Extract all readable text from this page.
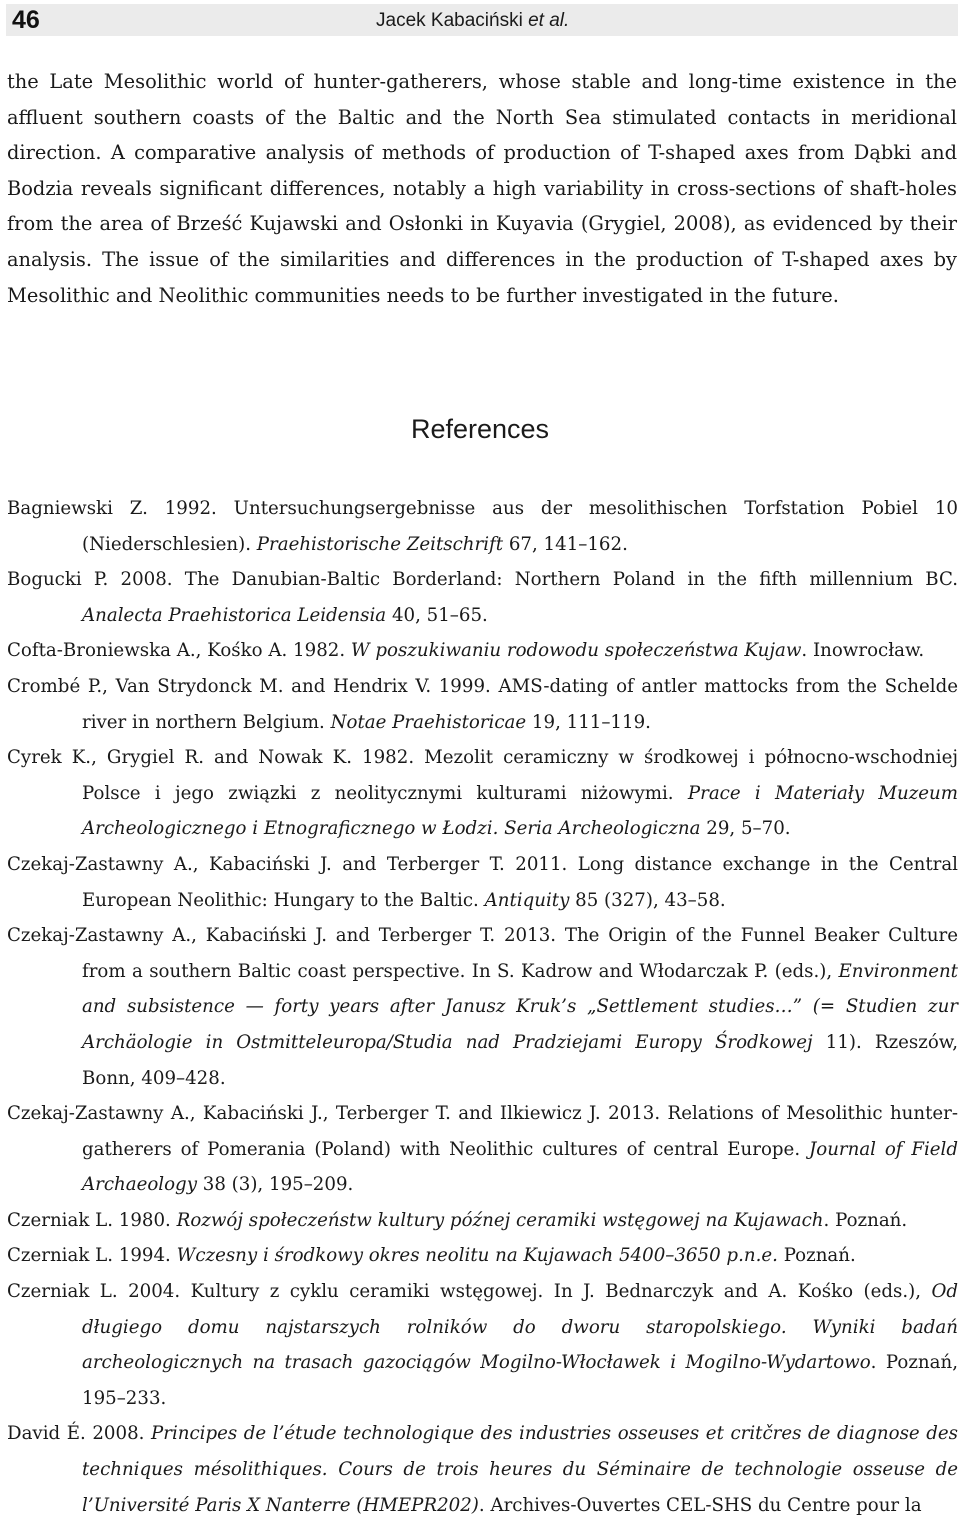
46	Jacek Kabaciński et al.

the Late Mesolithic world of hunter-gatherers, whose stable and long-time existence in the affluent southern coasts of the Baltic and the North Sea stimulated contacts in meridional direction. A comparative analysis of methods of production of T-shaped axes from Dąbki and Bodzia reveals significant differences, notably a high variability in cross-sections of shaft-holes from the area of Brześć Kujawski and Osłonki in Kuyavia (Grygiel, 2008), as evidenced by their analysis. The issue of the similarities and differences in the production of T-shaped axes by Mesolithic and Neolithic communities needs to be further investigated in the future.

References

Bagniewski Z. 1992. Untersuchungsergebnisse aus der mesolithischen Torfstation Pobiel 10 (Niederschlesien). Praehistorische Zeitschrift 67, 141–162.

Bogucki P. 2008. The Danubian-Baltic Borderland: Northern Poland in the fifth millennium BC. Analecta Praehistorica Leidensia 40, 51–65.

Cofta-Broniewska A., Kośko A. 1982. W poszukiwaniu rodowodu społeczeństwa Kujaw. Inowrocław.

Crombé P., Van Strydonck M. and Hendrix V. 1999. AMS-dating of antler mattocks from the Schelde river in northern Belgium. Notae Praehistoricae 19, 111–119.

Cyrek K., Grygiel R. and Nowak K. 1982. Mezolit ceramiczny w środkowej i północno-wschodniej Polsce i jego związki z neolitycznymi kulturami niżowymi. Prace i Materiały Muzeum Archeologicznego i Etnograficznego w Łodzi. Seria Archeologiczna 29, 5–70.

Czekaj-Zastawny A., Kabaciński J. and Terberger T. 2011. Long distance exchange in the Central European Neolithic: Hungary to the Baltic. Antiquity 85 (327), 43–58.

Czekaj-Zastawny A., Kabaciński J. and Terberger T. 2013. The Origin of the Funnel Beaker Culture from a southern Baltic coast perspective. In S. Kadrow and Włodarczak P. (eds.), Environment and subsistence — forty years after Janusz Kruk’s „Settlement studies…” (= Studien zur Archäologie in Ostmitteleuropa/Studia nad Pradziejami Europy Środkowej 11). Rzeszów, Bonn, 409–428.

Czekaj-Zastawny A., Kabaciński J., Terberger T. and Ilkiewicz J. 2013. Relations of Mesolithic hunter-gatherers of Pomerania (Poland) with Neolithic cultures of central Europe. Journal of Field Archaeology 38 (3), 195–209.

Czerniak L. 1980. Rozwój społeczeństw kultury późnej ceramiki wstęgowej na Kujawach. Poznań.

Czerniak L. 1994. Wczesny i środkowy okres neolitu na Kujawach 5400–3650 p.n.e. Poznań.

Czerniak L. 2004. Kultury z cyklu ceramiki wstęgowej. In J. Bednarczyk and A. Kośko (eds.), Od długiego domu najstarszych rolników do dworu staropolskiego. Wyniki badań archeologicznych na trasach gazociągów Mogilno-Włocławek i Mogilno-Wydartowo. Poznań, 195–233.

David É. 2008. Principes de l’étude technologique des industries osseuses et critčres de diagnose des techniques mésolithiques. Cours de trois heures du Séminaire de technologie osseuse de l’Université Paris X Nanterre (HMEPR202). Archives-Ouvertes CEL-SHS du Centre pour la
